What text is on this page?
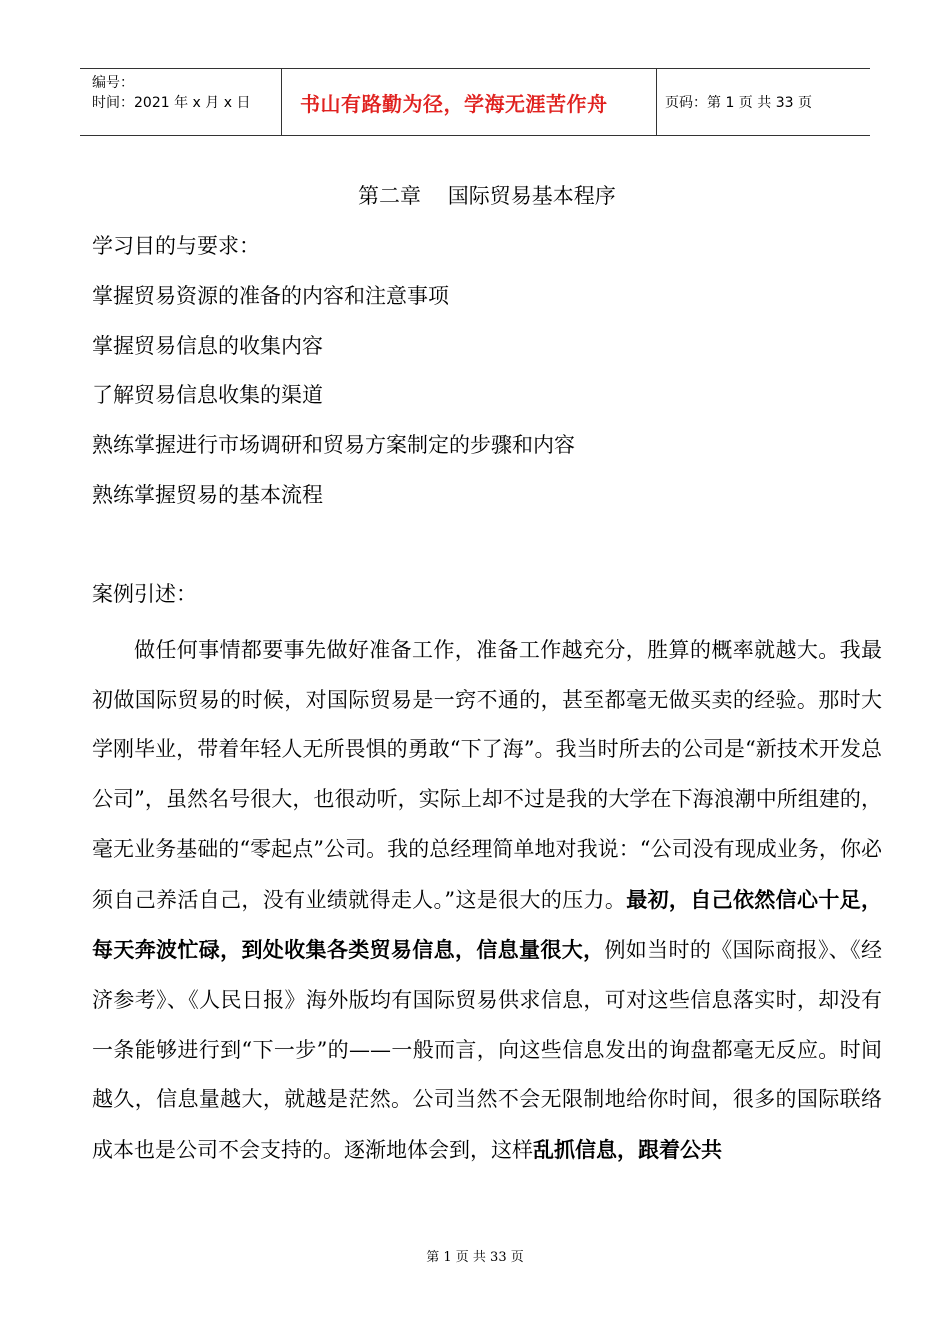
编号：
时间：2021 年 x 月 x 日	书山有路勤为径，学海无涯苦作舟	页码：第 1 页 共 33 页
第二章    国际贸易基本程序
学习目的与要求：
掌握贸易资源的准备的内容和注意事项
掌握贸易信息的收集内容
了解贸易信息收集的渠道
熟练掌握进行市场调研和贸易方案制定的步骤和内容
熟练掌握贸易的基本流程
案例引述：
做任何事情都要事先做好准备工作，准备工作越充分，胜算的概率就越大。我最初做国际贸易的时候，对国际贸易是一窍不通的，甚至都毫无做买卖的经验。那时大学刚毕业，带着年轻人无所畏惧的勇敢“下了海”。我当时所去的公司是“新技术开发总公司”，虽然名号很大，也很动听，实际上却不过是我的大学在下海浪潮中所组建的，毫无业务基础的“零起点”公司。我的总经理简单地对我说：“公司没有现成业务，你必须自己养活自己，没有业绩就得走人。”这是很大的压力。最初，自己依然信心十足，每天奔波忙碌，到处收集各类贸易信息，信息量很大，例如当时的《国际商报》、《经济参考》、《人民日报》海外版均有国际贸易供求信息，可对这些信息落实时，却没有一条能够进行到“下一步”的——一般而言，向这些信息发出的询盘都毫无反应。时间越久，信息量越大，就越是茫然。公司当然不会无限制地给你时间，很多的国际联络成本也是公司不会支持的。逐渐地体会到，这样乱抓信息，跟着公共
第 1 页 共 33 页
